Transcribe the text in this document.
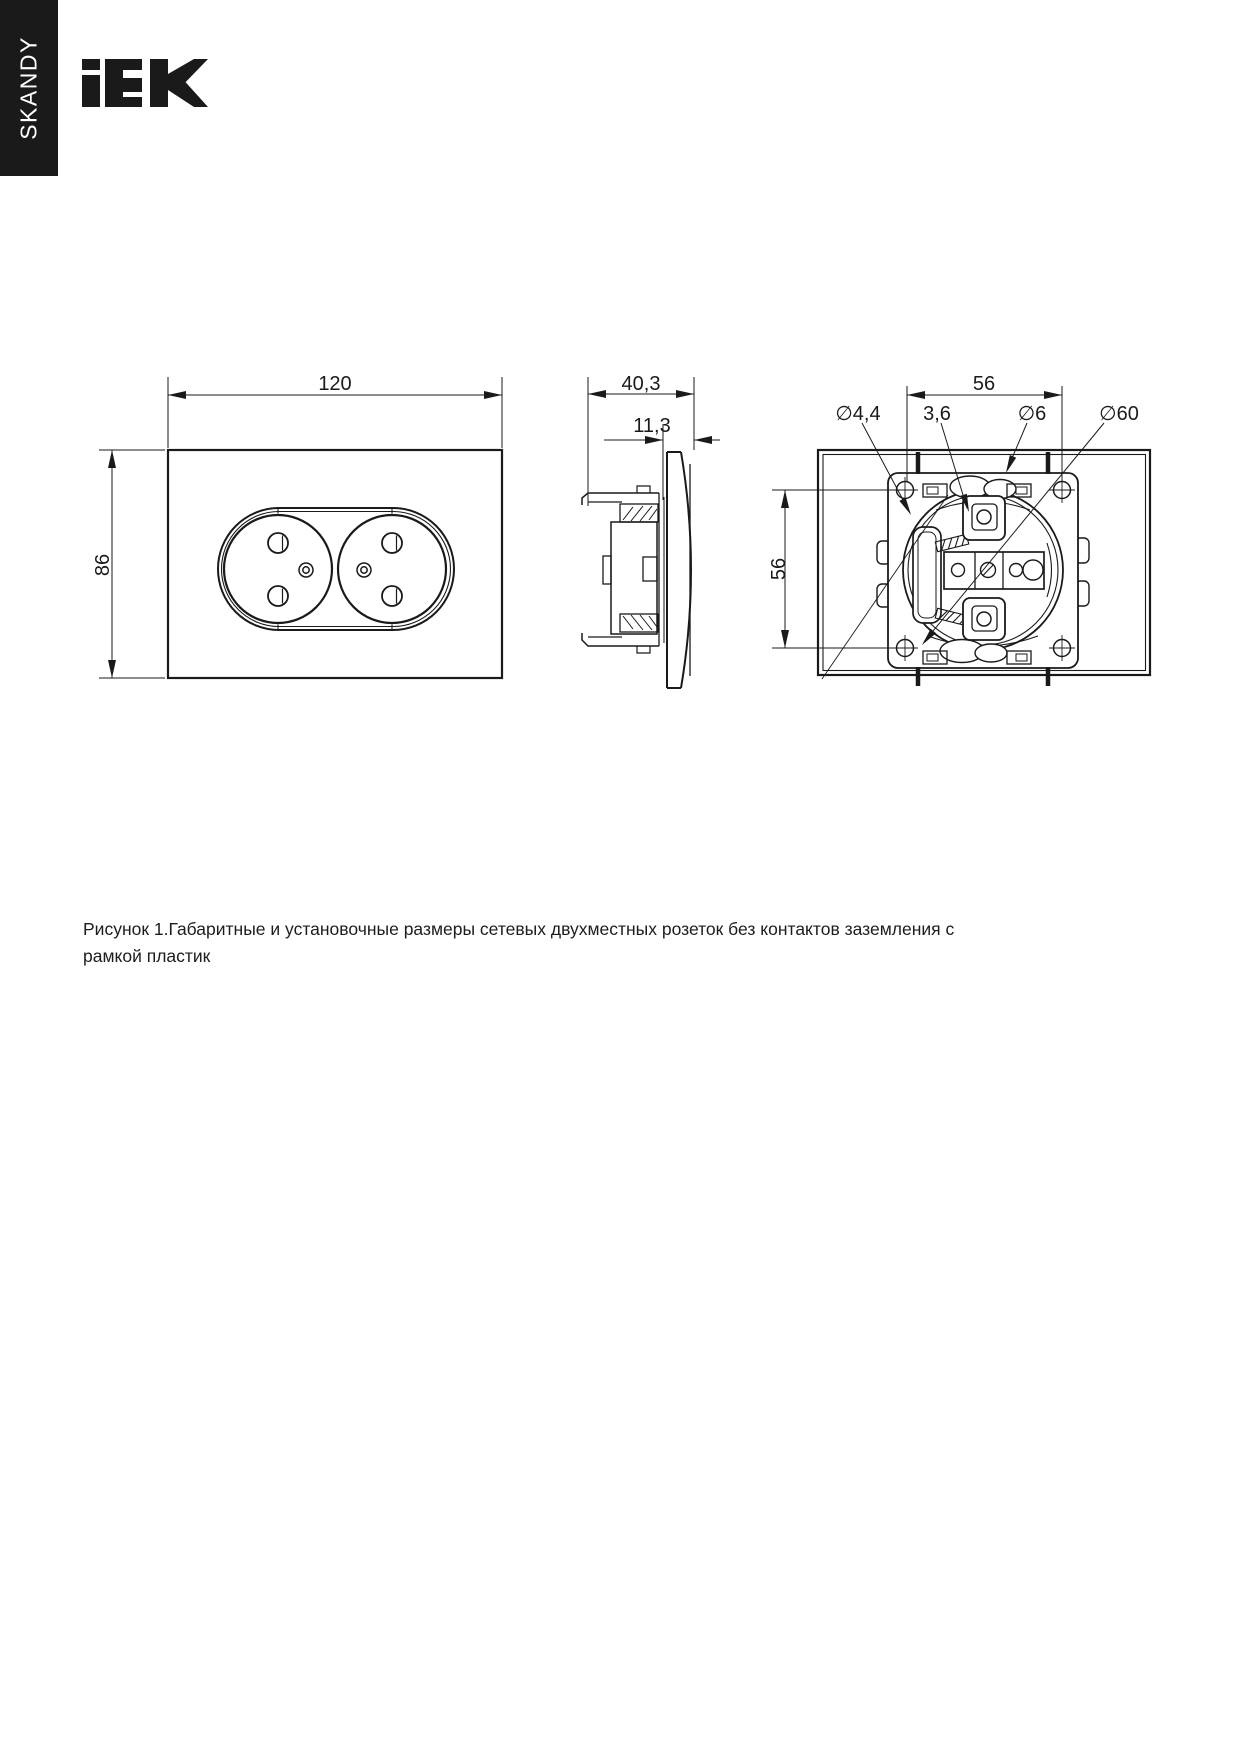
SKANDY
120
86
40,3
11,3
56
56
∅4,4 3,6	∅6	∅60
Рисунок 1.Габаритные и установочные размеры сетевых двухместных розеток без контактов заземления с
рамкой пластик
